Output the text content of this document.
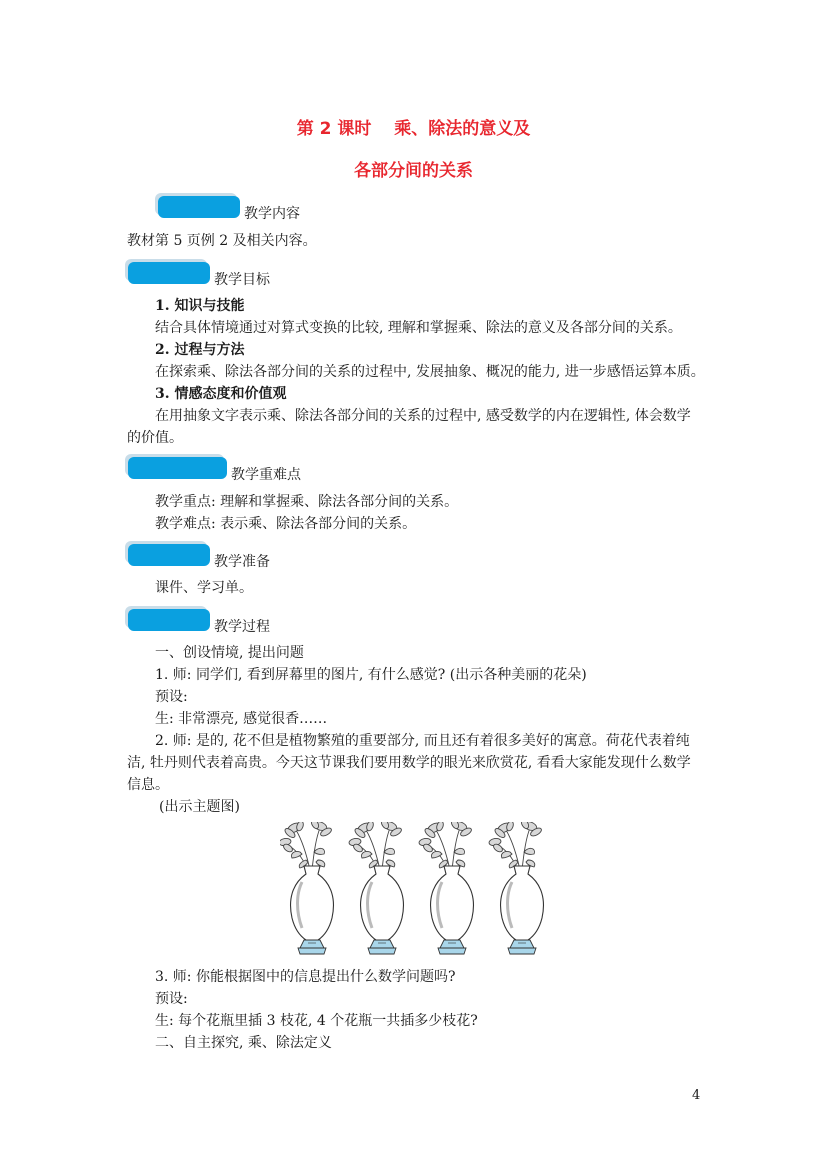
第 2 课时　 乘、除法的意义及
各部分间的关系
教学内容
教材第 5 页例 2 及相关内容。
教学目标
1. 知识与技能
结合具体情境通过对算式变换的比较, 理解和掌握乘、除法的意义及各部分间的关系。
2. 过程与方法
在探索乘、除法各部分间的关系的过程中, 发展抽象、概况的能力, 进一步感悟运算本质。
3. 情感态度和价值观
在用抽象文字表示乘、除法各部分间的关系的过程中, 感受数学的内在逻辑性, 体会数学
的价值。
教学重难点
教学重点: 理解和掌握乘、除法各部分间的关系。
教学难点: 表示乘、除法各部分间的关系。
教学准备
课件、学习单。
教学过程
一、创设情境, 提出问题
1. 师: 同学们, 看到屏幕里的图片, 有什么感觉? (出示各种美丽的花朵)
预设:
生: 非常漂亮, 感觉很香……
2. 师: 是的, 花不但是植物繁殖的重要部分, 而且还有着很多美好的寓意。荷花代表着纯
洁, 牡丹则代表着高贵。今天这节课我们要用数学的眼光来欣赏花, 看看大家能发现什么数学
信息。
(出示主题图)
3. 师: 你能根据图中的信息提出什么数学问题吗?
预设:
生: 每个花瓶里插 3 枝花, 4 个花瓶一共插多少枝花?
二、自主探究, 乘、除法定义
4
